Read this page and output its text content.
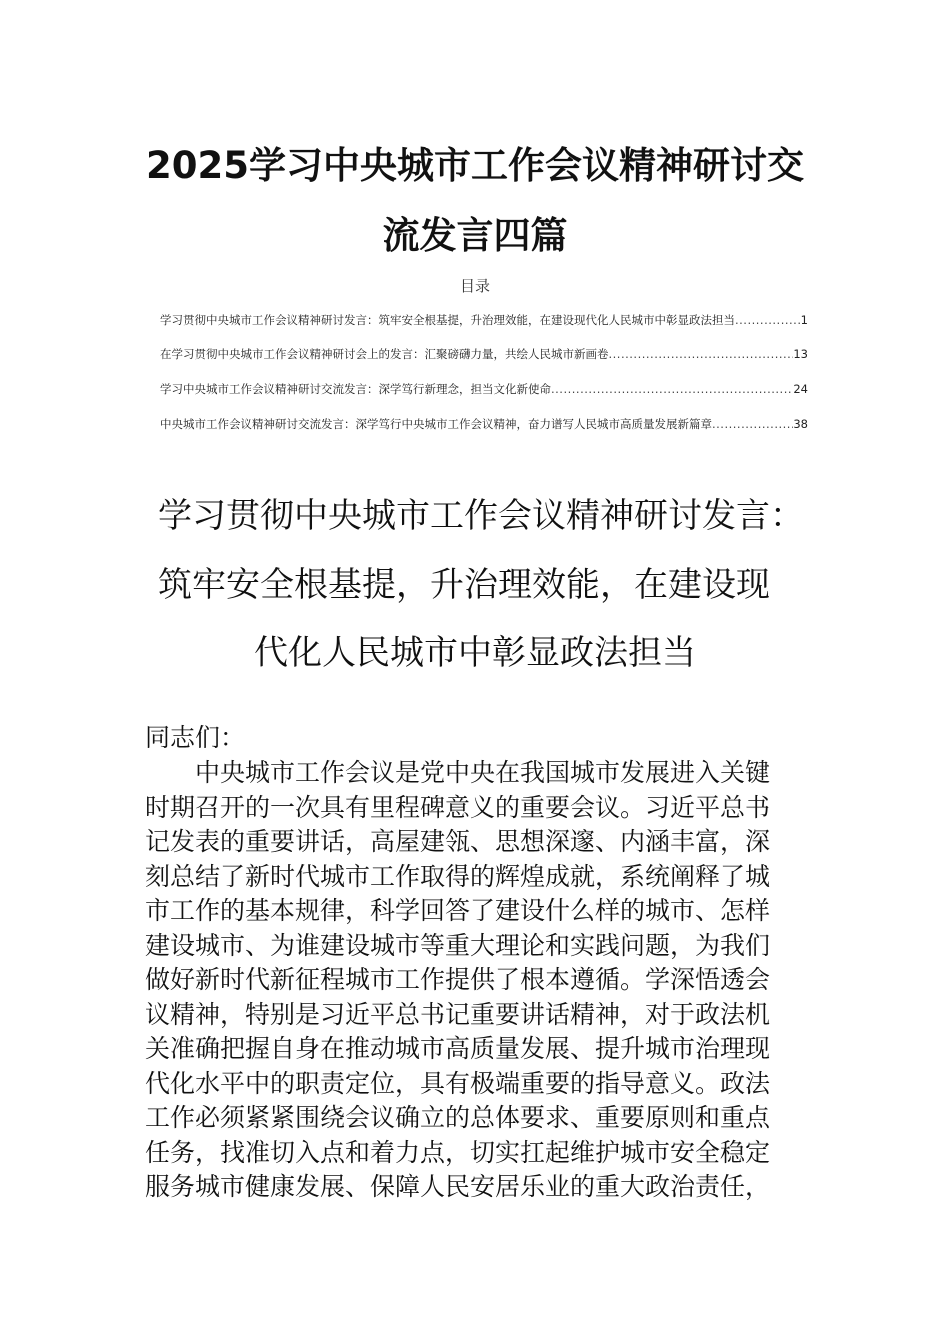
2025学习中央城市工作会议精神研讨交
流发言四篇
目录
学习贯彻中央城市工作会议精神研讨发言：筑牢安全根基提，升治理效能，在建设现代化人民城市中彰显政法担当 .....	1
在学习贯彻中央城市工作会议精神研讨会上的发言：汇聚磅礴力量，共绘人民城市新画卷 .....	13
学习中央城市工作会议精神研讨交流发言：深学笃行新理念，担当文化新使命 .....	24
中央城市工作会议精神研讨交流发言：深学笃行中央城市工作会议精神，奋力谱写人民城市高质量发展新篇章 .....	38
学习贯彻中央城市工作会议精神研讨发言：
筑牢安全根基提，升治理效能，在建设现
代化人民城市中彰显政法担当
同志们：
中央城市工作会议是党中央在我国城市发展进入关键
时期召开的一次具有里程碑意义的重要会议。习近平总书
记发表的重要讲话，高屋建瓴、思想深邃、内涵丰富，深
刻总结了新时代城市工作取得的辉煌成就，系统阐释了城
市工作的基本规律，科学回答了建设什么样的城市、怎样
建设城市、为谁建设城市等重大理论和实践问题，为我们
做好新时代新征程城市工作提供了根本遵循。学深悟透会
议精神，特别是习近平总书记重要讲话精神，对于政法机
关准确把握自身在推动城市高质量发展、提升城市治理现
代化水平中的职责定位，具有极端重要的指导意义。政法
工作必须紧紧围绕会议确立的总体要求、重要原则和重点
任务，找准切入点和着力点，切实扛起维护城市安全稳定
服务城市健康发展、保障人民安居乐业的重大政治责任，
